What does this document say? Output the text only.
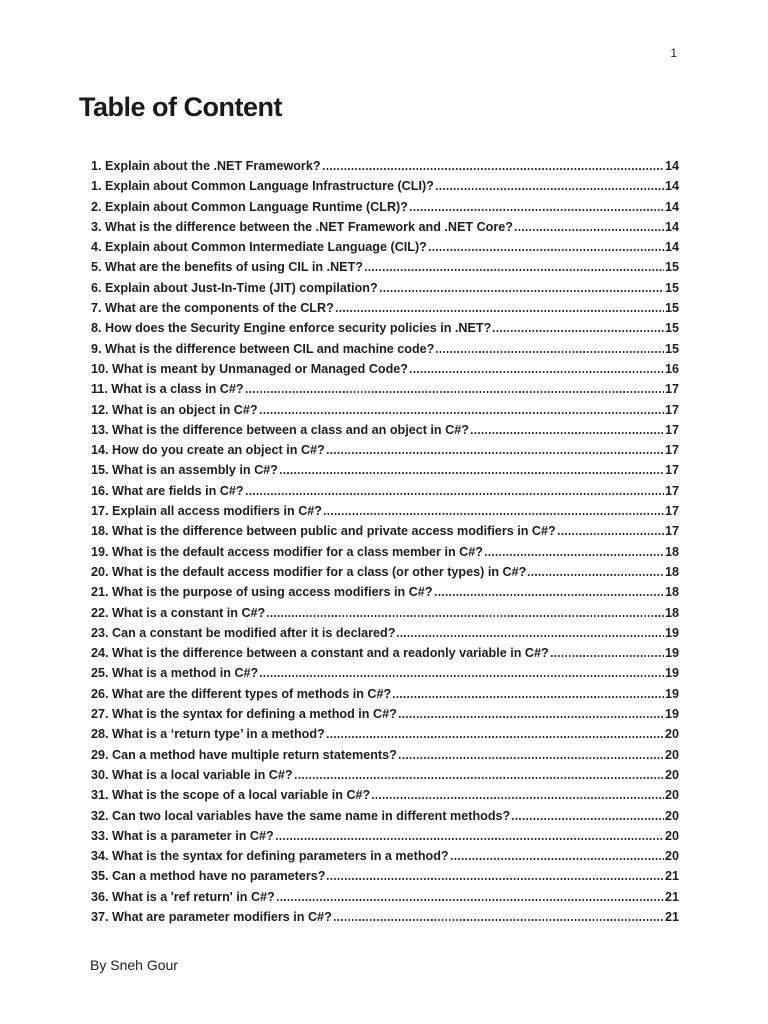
1
Table of Content
1. Explain about the .NET Framework?	14
1. Explain about Common Language Infrastructure (CLI)?	14
2. Explain about Common Language Runtime (CLR)?	14
3. What is the difference between the .NET Framework and .NET Core?	14
4. Explain about Common Intermediate Language (CIL)?	14
5. What are the benefits of using CIL in .NET?	15
6. Explain about Just-In-Time (JIT) compilation?	15
7. What are the components of the CLR?	15
8. How does the Security Engine enforce security policies in .NET?	15
9. What is the difference between CIL and machine code?	15
10. What is meant by Unmanaged or Managed Code?	16
11. What is a class in C#?	17
12. What is an object in C#?	17
13. What is the difference between a class and an object in C#?	17
14. How do you create an object in C#?	17
15. What is an assembly in C#?	17
16. What are fields in C#?	17
17. Explain all access modifiers in C#?	17
18. What is the difference between public and private access modifiers in C#?	17
19. What is the default access modifier for a class member in C#?	18
20. What is the default access modifier for a class (or other types) in C#?	18
21. What is the purpose of using access modifiers in C#?	18
22. What is a constant in C#?	18
23. Can a constant be modified after it is declared?	19
24. What is the difference between a constant and a readonly variable in C#?	19
25. What is a method in C#?	19
26. What are the different types of methods in C#?	19
27. What is the syntax for defining a method in C#?	19
28. What is a ‘return type’ in a method?	20
29. Can a method have multiple return statements?	20
30. What is a local variable in C#?	20
31. What is the scope of a local variable in C#?	20
32. Can two local variables have the same name in different methods?	20
33. What is a parameter in C#?	20
34. What is the syntax for defining parameters in a method?	20
35. Can a method have no parameters?	21
36. What is a 'ref return' in C#?	21
37. What are parameter modifiers in C#?	21
By Sneh Gour
